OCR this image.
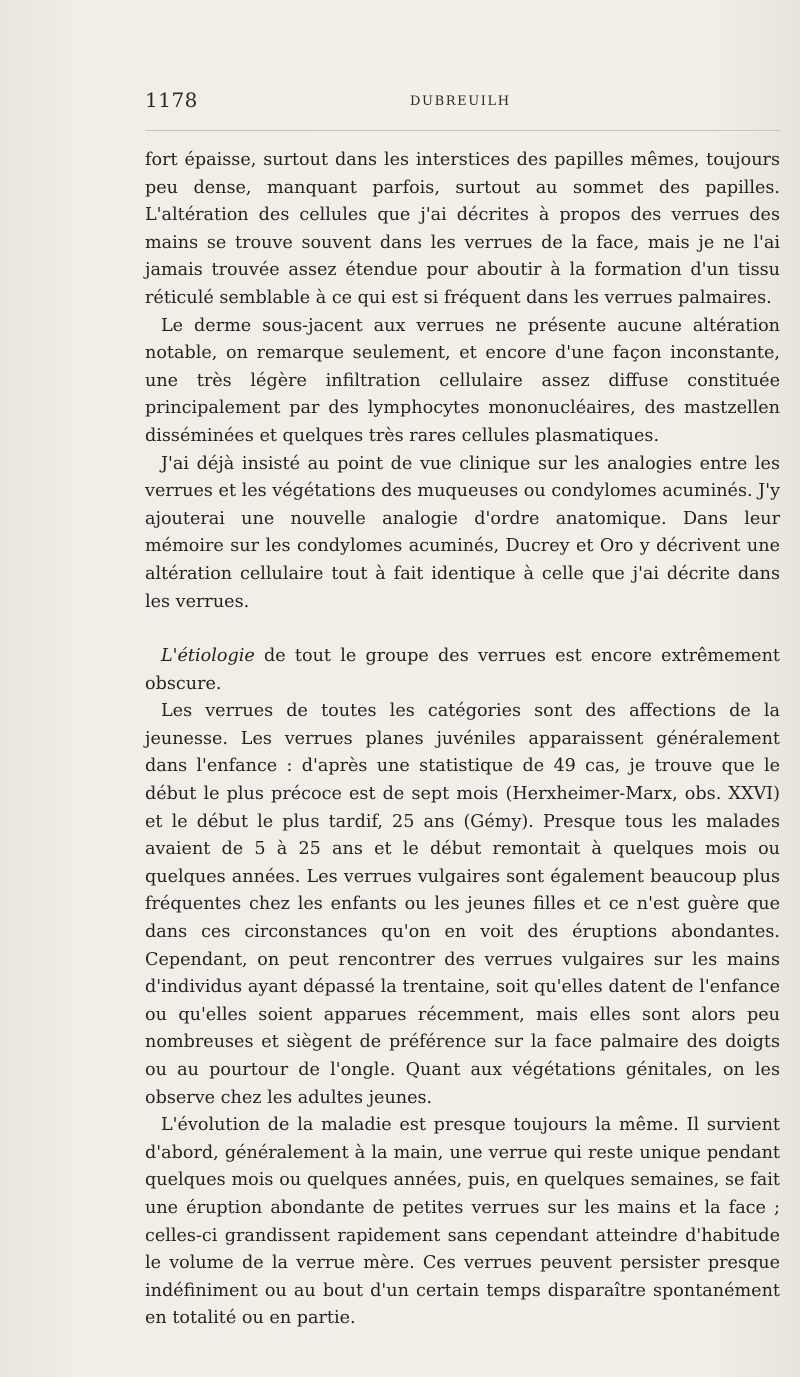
1178	DUBREUILH

fort épaisse, surtout dans les interstices des papilles mêmes, toujours peu dense, manquant parfois, surtout au sommet des papilles. L'altération des cellules que j'ai décrites à propos des verrues des mains se trouve souvent dans les verrues de la face, mais je ne l'ai jamais trouvée assez étendue pour aboutir à la formation d'un tissu réticulé semblable à ce qui est si fréquent dans les verrues palmaires.

Le derme sous-jacent aux verrues ne présente aucune altération notable, on remarque seulement, et encore d'une façon inconstante, une très légère infiltration cellulaire assez diffuse constituée principalement par des lymphocytes mononucléaires, des mastzellen disséminées et quelques très rares cellules plasmatiques.

J'ai déjà insisté au point de vue clinique sur les analogies entre les verrues et les végétations des muqueuses ou condylomes acuminés. J'y ajouterai une nouvelle analogie d'ordre anatomique. Dans leur mémoire sur les condylomes acuminés, Ducrey et Oro y décrivent une altération cellulaire tout à fait identique à celle que j'ai décrite dans les verrues.

L'étiologie de tout le groupe des verrues est encore extrêmement obscure.

Les verrues de toutes les catégories sont des affections de la jeunesse. Les verrues planes juvéniles apparaissent généralement dans l'enfance : d'après une statistique de 49 cas, je trouve que le début le plus précoce est de sept mois (Herxheimer-Marx, obs. XXVI) et le début le plus tardif, 25 ans (Gémy). Presque tous les malades avaient de 5 à 25 ans et le début remontait à quelques mois ou quelques années. Les verrues vulgaires sont également beaucoup plus fréquentes chez les enfants ou les jeunes filles et ce n'est guère que dans ces circonstances qu'on en voit des éruptions abondantes. Cependant, on peut rencontrer des verrues vulgaires sur les mains d'individus ayant dépassé la trentaine, soit qu'elles datent de l'enfance ou qu'elles soient apparues récemment, mais elles sont alors peu nombreuses et siègent de préférence sur la face palmaire des doigts ou au pourtour de l'ongle. Quant aux végétations génitales, on les observe chez les adultes jeunes.

L'évolution de la maladie est presque toujours la même. Il survient d'abord, généralement à la main, une verrue qui reste unique pendant quelques mois ou quelques années, puis, en quelques semaines, se fait une éruption abondante de petites verrues sur les mains et la face ; celles-ci grandissent rapidement sans cependant atteindre d'habitude le volume de la verrue mère. Ces verrues peuvent persister presque indéfiniment ou au bout d'un certain temps disparaître spontanément en totalité ou en partie.
